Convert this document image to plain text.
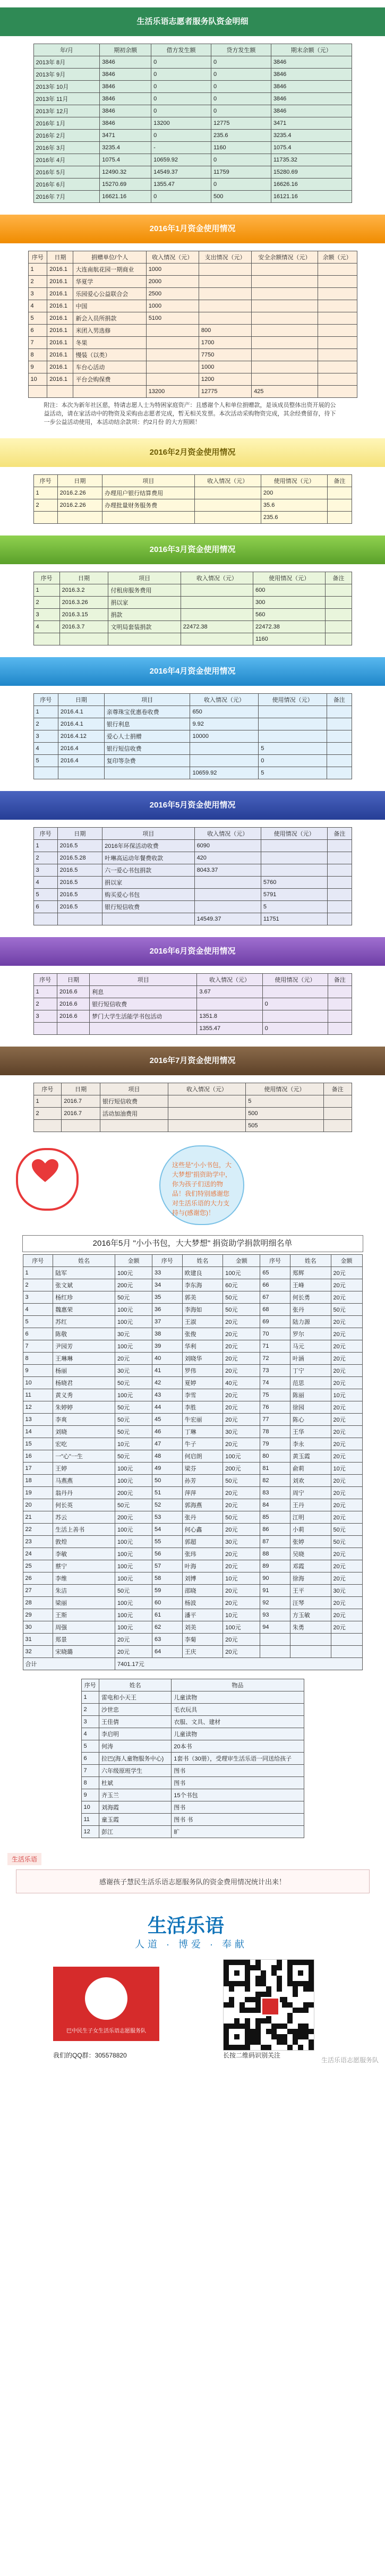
生活乐语志愿者服务队资金明细
年/月	期初余额	借方发生额	贷方发生额	期末余额（元）
2013年 8月	3846	0	0	3846
2013年 9月	3846	0	0	3846
2013年 10月	3846	0	0	3846
2013年 11月	3846	0	0	3846
2013年 12月	3846	0	0	3846
2016年 1月	3846	13200	12775	3471
2016年 2月	3471	0	235.6	3235.4
2016年 3月	3235.4	-	1160	1075.4
2016年 4月	1075.4	10659.92	0	11735.32
2016年 5月	12490.32	14549.37	11759	15280.69
2016年 6月	15270.69	1355.47	0	16626.16
2016年 7月	16621.16	0	500	16121.16
2016年1月资金使用情况
序号	日期	捐赠单位/个人	收入情况（元）	支出情况（元）	安全余额情况（元）	余额（元）
1	2016.1	大连南航花园一期商业	1000			
2	2016.1	华夏学	2000			
3	2016.1	乐园爱心公益联合会	2500			
4	2016.1	中国	1000			
5	2016.1	新会入员所捐款	5100			
6	2016.1	米团入男选修		800		
7	2016.1	冬果		1700		
8	2016.1	慢装（以类）		7750		
9	2016.1	车台心活动		1000		
10	2016.1	平台会购保费		1200		
			13200	12775	425	
附注：本次为新年社区慈，特请志愿人士为特困家庭资产：且感谢个人和单位捐赠款，是该成员整体出资开展的公益活动，请在家活动中的物资及采购由志愿者完成，暂无相关发票。本次活动采购物资完成，其余经费留存，待下一步公益活动使用，本活动结余款项：约2月份 的大方照顾！
2016年2月资金使用情况
序号	日期	项目	收入情况（元）	使用情况（元）	备注
1	2016.2.26	办理用户银行结算费用		200	
2	2016.2.26	办理批量财务服务费		35.6	
				235.6	
2016年3月资金使用情况
序号	日期	项目	收入情况（元）	使用情况（元）	备注
1	2016.3.2	付租房服务费用		600	
2	2016.3.26	捐以家		300	
3	2016.3.15	捐款		560	
4	2016.3.7	文明局套装捐款	22472.38	22472.38	
				1160	
2016年4月资金使用情况
序号	日期	项目	收入情况（元）	使用情况（元）	备注
1	2016.4.1	亲尊珠宝优惠卷收费	650		
2	2016.4.1	银行利息	9.92		
3	2016.4.12	爱心人士捐赠	10000		
4	2016.4	银行短信收费		5	
5	2016.4	复印等杂费		0	
			10659.92	5	
2016年5月资金使用情况
序号	日期	项目	收入情况（元）	使用情况（元）	备注
1	2016.5	2016年环保活动收费	6090		
2	2016.5.28	叶琳高运动年餐费收款	420		
3	2016.5	六一爱心书包捐款	8043.37		
4	2016.5	捐以家		5760	
5	2016.5	购买爱心书包		5791	
6	2016.5	银行短信收费		5	
			14549.37	11751	
2016年6月资金使用情况
序号	日期	项目	收入情况（元）	使用情况（元）	备注
1	2016.6	利息	3.67		
2	2016.6	银行短信收费		0	
3	2016.6	梦门大学生活能学书包活动	1351.8		
			1355.47	0	
2016年7月资金使用情况
序号	日期	项目	收入情况（元）	使用情况（元）	备注
1	2016.7	银行短信收费		5	
2	2016.7	活动加油费用		500	
				505	
这些是“小小书包，大大梦想”捐资助学中，你为孩子们送的物品！我们特别感谢您对生活乐语的大力支持与(感谢您)！
2016年5月 "小小书包，大大梦想" 捐资助学捐款明细名单
序号	姓名	金额	序号	姓名	金额	序号	姓名	金额
1	陆军	100元	33	欧建良	100元	65	郑辉	20元
2	张文斌	200元	34	李东海	60元	66	王峰	20元
3	杨红珍	50元	35	郭美	50元	67	何长勇	20元
4	魏惠荣	100元	36	李海如	50元	68	张丹	50元
5	苏红	100元	37	王淑	20元	69	陆力源	20元
6	陈敬	30元	38	张俊	20元	70	罗尔	20元
7	尹园芳	100元	39	华利	20元	71	马元	20元
8	王琳琳	20元	40	刘晓华	20元	72	叶涵	20元
9	杨丽	30元	41	罗伟	20元	73	丁宁	20元
10	杨晓君	50元	42	夏婷	40元	74	范思	20元
11	黄义秀	100元	43	李雪	20元	75	陈丽	10元
12	朱婷婷	50元	44	李胜	20元	76	徐园	20元
13	李爽	50元	45	牛宏丽	20元	77	陈心	20元
14	刘晓	50元	46	丁琳	30元	78	王华	20元
15	宏吃	10元	47	牛子	20元	79	李永	20元
16	一"心"一生	50元	48	何启朗	100元	80	黄玉霞	20元
17	王婷	100元	49	梁芬	200元	81	俞莉	10元
18	马燕燕	100元	50	孙芳	50元	82	刘欢	20元
19	翁丹丹	200元	51	萍萍	20元	83	周宁	20元
20	何长英	50元	52	郭海燕	20元	84	王丹	20元
21	苏云	200元	53	张丹	50元	85	江明	20元
22	生活上善书	100元	54	何心鑫	20元	86	小莉	50元
23	敦煌	100元	55	郭超	30元	87	张婷	50元
24	李敏	100元	56	张玮	20元	88	吴晓	20元
25	蔡宁	100元	57	叶海	20元	89	邓霞	20元
26	李维	100元	58	刘博	10元	90	徐海	20元
27	朱洁	50元	59	邵晓	20元	91	王平	30元
28	梁丽	100元	60	杨波	20元	92	汪琴	20元
29	王斯	100元	61	潘平	10元	93	方玉敏	20元
30	周强	100元	62	刘美	100元	94	朱勇	20元
31	郑景	20元	63	李菊	20元			
32	宋晓璐	20元	64	王庆	20元			
合计		7401.17元						
序号	姓名	物品
1	雷电和小天王	儿童读物
2	沙世忠	毛衣玩具
3	王佳倩	衣服、文具、建材
4	李启明	儿童读物
5	何涛	20本书
6	拉巴(海人童物服务中心)	1套书（30册），受理审生活乐语一同送给孩子
7	六年级原班学生	图书
8	杜斌	图书
9	齐玉兰	15个书包
10	刘海霞	图书
11	童玉霞	图书 书
12	彭江	旷
生活乐语
感谢孩子慧民生活乐语志愿服务队的资金费用情况统计出来！
生活乐语
人道 · 博爱 · 奉献
巴中民生子女生活乐语志愿服务队
我们的QQ群：305578820	长按二维码识别关注
生活乐语志愿服务队
